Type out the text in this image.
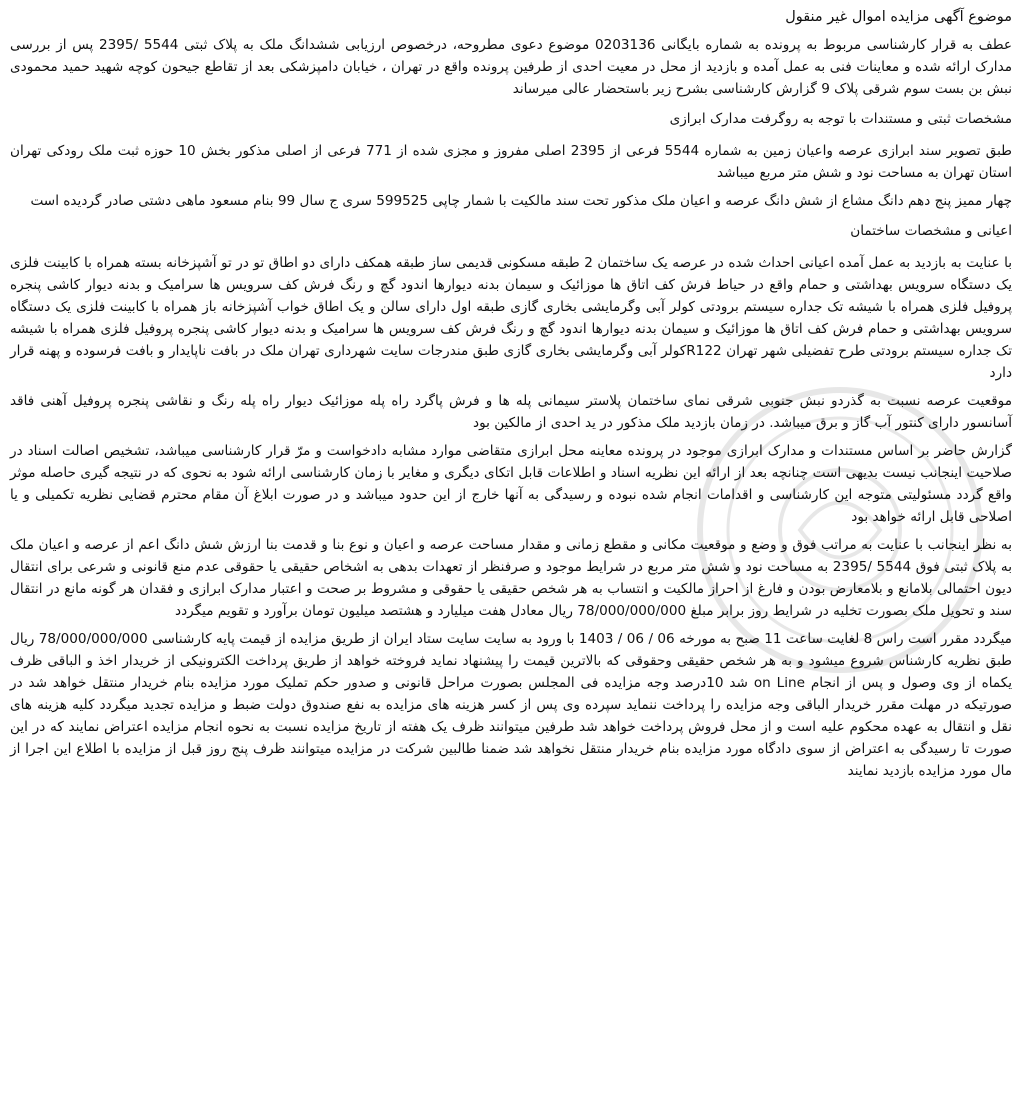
موضوع آگهی مزایده اموال غیر منقول

عطف به قرار کارشناسی مربوط به پرونده به شماره بایگانی 0203136 موضوع دعوی مطروحه، درخصوص ارزیابی ششدانگ ملک به پلاک ثبتی 5544 /2395 پس از بررسی مدارک ارائه شده و معاینات فنی به عمل آمده و بازدید از محل در معیت احدی از طرفین پرونده واقع در تهران ، خیابان دامپزشکی بعد از تقاطع جیحون کوچه شهید حمید محمودی نبش بن بست سوم شرقی پلاک 9 گزارش کارشناسی بشرح زیر باستحضار عالی میرساند

مشخصات ثبتی و مستندات با توجه به روگرفت مدارک ابرازی

طبق تصویر سند ابرازی عرصه واعیان زمین به شماره 5544 فرعی از 2395 اصلی مفروز و مجزی شده از 771 فرعی از اصلی مذکور بخش 10 حوزه ثبت ملک رودکی تهران استان تهران به مساحت نود و شش متر مربع میباشد

چهار ممیز پنج دهم دانگ مشاع از شش دانگ عرصه و اعیان ملک مذکور تحت سند مالکیت با شمار چاپی 599525 سری ج سال 99 بنام مسعود ماهی دشتی صادر گردیده است

اعیانی و مشخصات ساختمان

با عنایت به بازدید به عمل آمده اعیانی احداث شده در عرصه یک ساختمان 2 طبقه مسکونی قدیمی ساز طبقه همکف دارای دو اطاق تو در تو آشپزخانه بسته همراه با کابینت فلزی یک دستگاه سرویس بهداشتی و حمام واقع در حیاط فرش کف اتاق ها موزائیک و سیمان بدنه دیوارها اندود گچ و رنگ فرش کف سرویس ها سرامیک و بدنه دیوار کاشی پنجره پروفیل فلزی همراه با شیشه تک جداره سیستم برودتی کولر آبی وگرمایشی بخاری گازی طبقه اول دارای سالن و یک اطاق خواب آشپزخانه باز همراه با کابینت فلزی یک دستگاه سرویس بهداشتی و حمام فرش کف اتاق ها موزائیک و سیمان بدنه دیوارها اندود گچ و رنگ فرش کف سرویس ها سرامیک و بدنه دیوار کاشی پنجره پروفیل فلزی همراه با شیشه تک جداره سیستم برودتی طرح تفضیلی شهر تهران R122کولر آبی وگرمایشی بخاری گازی طبق مندرجات سایت شهرداری تهران ملک در بافت ناپایدار و بافت فرسوده و پهنه قرار دارد

موقعیت عرصه نسبت به گذردو نبش جنوبی شرقی نمای ساختمان پلاستر سیمانی پله ها و فرش پاگرد راه پله موزائیک دیوار راه پله رنگ و نقاشی پنجره پروفیل آهنی فاقد آسانسور دارای کنتور آب گاز و برق میباشد. در زمان بازدید ملک مذکور در ید احدی از مالکین بود

گزارش حاضر بر اساس مستندات و مدارک ابرازی موجود در پرونده معاینه محل ابرازی متقاضی موارد مشابه دادخواست و مرّ قرار کارشناسی میباشد، تشخیص اصالت اسناد در صلاحیت اینجانب نیست بدیهی است چنانچه بعد از ارائه این نظریه اسناد و اطلاعات قابل اتکای دیگری و مغایر با زمان کارشناسی ارائه شود به نحوی که در نتیجه گیری حاصله موثر واقع گردد مسئولیتی متوجه این کارشناسی و اقدامات انجام شده نبوده و رسیدگی به آنها خارج از این حدود میباشد و در صورت ابلاغ آن مقام محترم قضایی نظریه تکمیلی و یا اصلاحی قابل ارائه خواهد بود

به نظر اینجانب با عنایت به مراتب فوق و وضع و موقعیت مکانی و مقطع زمانی و مقدار مساحت عرصه و اعیان و نوع بنا و قدمت بنا ارزش شش دانگ اعم از عرصه و اعیان ملک به پلاک ثبتی فوق 5544 /2395 به مساحت نود و شش متر مربع در شرایط موجود و صرفنظر از تعهدات بدهی به اشخاص حقیقی یا حقوقی عدم منع قانونی و شرعی برای انتقال دیون احتمالی بلامانع و بلامعارض بودن و فارغ از احراز مالکیت و انتساب به هر شخص حقیقی یا حقوقی و مشروط بر صحت و اعتبار مدارک ابرازی و فقدان هر گونه مانع در انتقال سند و تحویل ملک بصورت تخلیه در شرایط روز برابر مبلغ 78/000/000/000 ریال معادل هفت میلیارد و هشتصد میلیون تومان برآورد و تقویم میگردد

میگردد مقرر است راس 8 لغایت ساعت 11 صبح به مورخه 06 / 06 / 1403 با ورود به سایت سایت ستاد ایران از طریق مزایده از قیمت پایه کارشناسی 78/000/000/000 ریال طبق نظریه کارشناس شروع میشود و به هر شخص حقیقی وحقوقی که بالاترین قیمت را پیشنهاد نماید فروخته خواهد از طریق پرداخت الکترونیکی از خریدار اخذ و الباقی ظرف یکماه از وی وصول و پس از انجام on Line شد 10درصد وجه مزایده فی المجلس بصورت مراحل قانونی و صدور حکم تملیک مورد مزایده بنام خریدار منتقل خواهد شد در صورتیکه در مهلت مقرر خریدار الباقی وجه مزایده را پرداخت ننماید سپرده وی پس از کسر هزینه های مزایده به نفع صندوق دولت ضبط و مزایده تجدید میگردد کلیه هزینه های نقل و انتقال به عهده محکوم علیه است و از محل فروش پرداخت خواهد شد طرفین میتوانند ظرف یک هفته از تاریخ مزایده نسبت به نحوه انجام مزایده اعتراض نمایند که در این صورت تا رسیدگی به اعتراض از سوی دادگاه مورد مزایده بنام خریدار منتقل نخواهد شد ضمنا طالبین شرکت در مزایده میتوانند ظرف پنج روز قبل از مزایده با اطلاع این اجرا از مال مورد مزایده بازدید نمایند
